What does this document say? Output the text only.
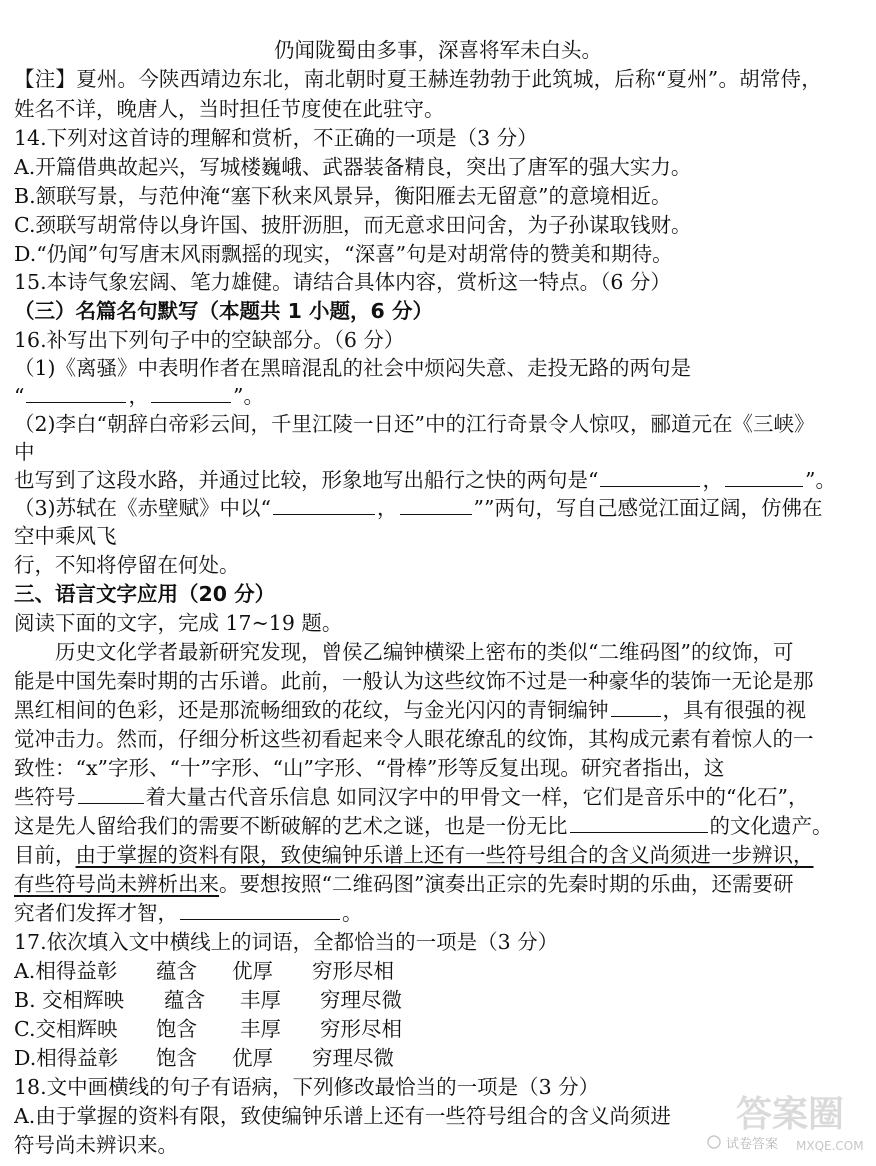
仍闻陇蜀由多事，深喜将军未白头。
【注】夏州。今陕西靖边东北，南北朝时夏王赫连勃勃于此筑城，后称“夏州”。胡常侍，
姓名不详，晚唐人，当时担任节度使在此驻守。
14.下列对这首诗的理解和赏析，不正确的一项是（3 分）
A.开篇借典故起兴，写城楼巍峨、武器装备精良，突出了唐军的强大实力。
B.颔联写景，与范仲淹“塞下秋来风景异，衡阳雁去无留意”的意境相近。
C.颈联写胡常侍以身许国、披肝沥胆，而无意求田问舍，为子孙谋取钱财。
D.“仍闻”句写唐末风雨飘摇的现实，“深喜”句是对胡常侍的赞美和期待。
15.本诗气象宏阔、笔力雄健。请结合具体内容，赏析这一特点。（6 分）
（三）名篇名句默写（本题共 1 小题，6 分）
16.补写出下列句子中的空缺部分。（6 分）
（1)《离骚》中表明作者在黑暗混乱的社会中烦闷失意、走投无路的两句是
“	，	”。
（2)李白“朝辞白帝彩云间，千里江陵一日还”中的江行奇景令人惊叹，郦道元在《三峡》
中
也写到了这段水路，并通过比较，形象地写出船行之快的两句是“	，	”。
（3)苏轼在《赤壁赋》中以“	，	””两句，写自己感觉江面辽阔，仿佛在
空中乘风飞
行，不知将停留在何处。
三、语言文字应用（20 分）
阅读下面的文字，完成 17~19 题。
　　历史文化学者最新研究发现，曾侯乙编钟横梁上密布的类似“二维码图”的纹饰，可
能是中国先秦时期的古乐谱。此前，一般认为这些纹饰不过是一种豪华的装饰一无论是那
黑红相间的色彩，还是那流畅细致的花纹，与金光闪闪的青铜编钟	，具有很强的视
觉冲击力。然而，仔细分析这些初看起来令人眼花缭乱的纹饰，其构成元素有着惊人的一
致性：“x”字形、“十”字形、“山”字形、“骨棒”形等反复出现。研究者指出，这
些符号	着大量古代音乐信息 如同汉字中的甲骨文一样，它们是音乐中的“化石”，
这是先人留给我们的需要不断破解的艺术之谜，也是一份无比	的文化遗产。
目前，由于掌握的资料有限，致使编钟乐谱上还有一些符号组合的含义尚须进一步辨识，
有些符号尚未辨析出来。要想按照“二维码图”演奏出正宗的先秦时期的乐曲，还需要研
究者们发挥才智，	。
17.依次填入文中横线上的词语，全都恰当的一项是（3 分）
A.相得益彰 蕴含 优厚 穷形尽相
B. 交相辉映 蕴含 丰厚 穷理尽微
C.交相辉映 饱含 丰厚 穷形尽相
D.相得益彰 饱含 优厚 穷理尽微
18.文中画横线的句子有语病，下列修改最恰当的一项是（3 分）
A.由于掌握的资料有限，致使编钟乐谱上还有一些符号组合的含义尚须进
符号尚未辨识来。
答案圈
试卷答案 MXQE.COM
